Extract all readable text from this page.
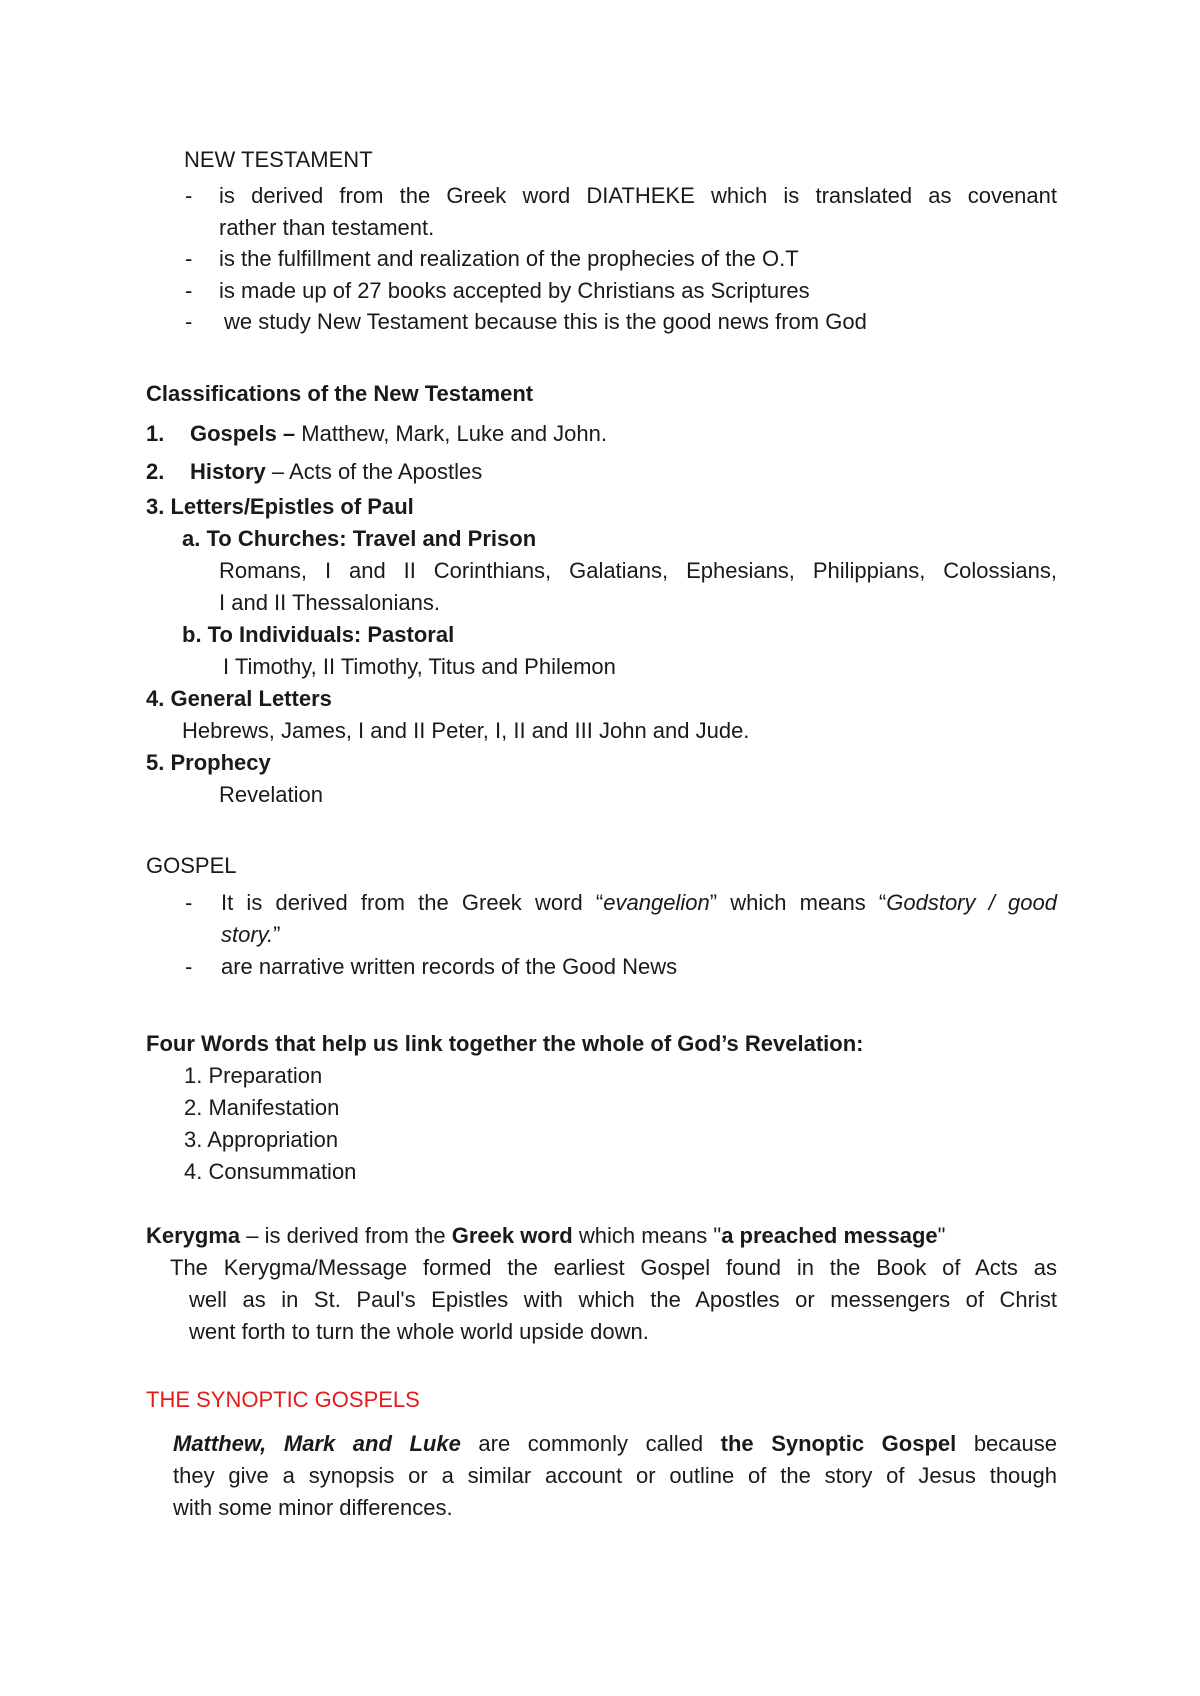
NEW TESTAMENT
- is derived from the Greek word DIATHEKE which is translated as covenant
rather than testament.
- is the fulfillment and realization of the prophecies of the O.T
- is made up of 27 books accepted by Christians as Scriptures
- we study New Testament because this is the good news from God
Classifications of the New Testament
1. Gospels – Matthew, Mark, Luke and John.
2. History – Acts of the Apostles
3. Letters/Epistles of Paul
a. To Churches: Travel and Prison
Romans, I and II Corinthians, Galatians, Ephesians, Philippians, Colossians,
I and II Thessalonians.
b. To Individuals: Pastoral
I Timothy, II Timothy, Titus and Philemon
4. General Letters
Hebrews, James, I and II Peter, I, II and III John and Jude.
5. Prophecy
Revelation
GOSPEL
- It is derived from the Greek word “evangelion” which means “Godstory / good
story.”
- are narrative written records of the Good News
Four Words that help us link together the whole of God’s Revelation:
1. Preparation
2. Manifestation
3. Appropriation
4. Consummation
Kerygma – is derived from the Greek word which means "a preached message"
The Kerygma/Message formed the earliest Gospel found in the Book of Acts as
well as in St. Paul's Epistles with which the Apostles or messengers of Christ
went forth to turn the whole world upside down.
THE SYNOPTIC GOSPELS
Matthew, Mark and Luke are commonly called the Synoptic Gospel because
they give a synopsis or a similar account or outline of the story of Jesus though
with some minor differences.
